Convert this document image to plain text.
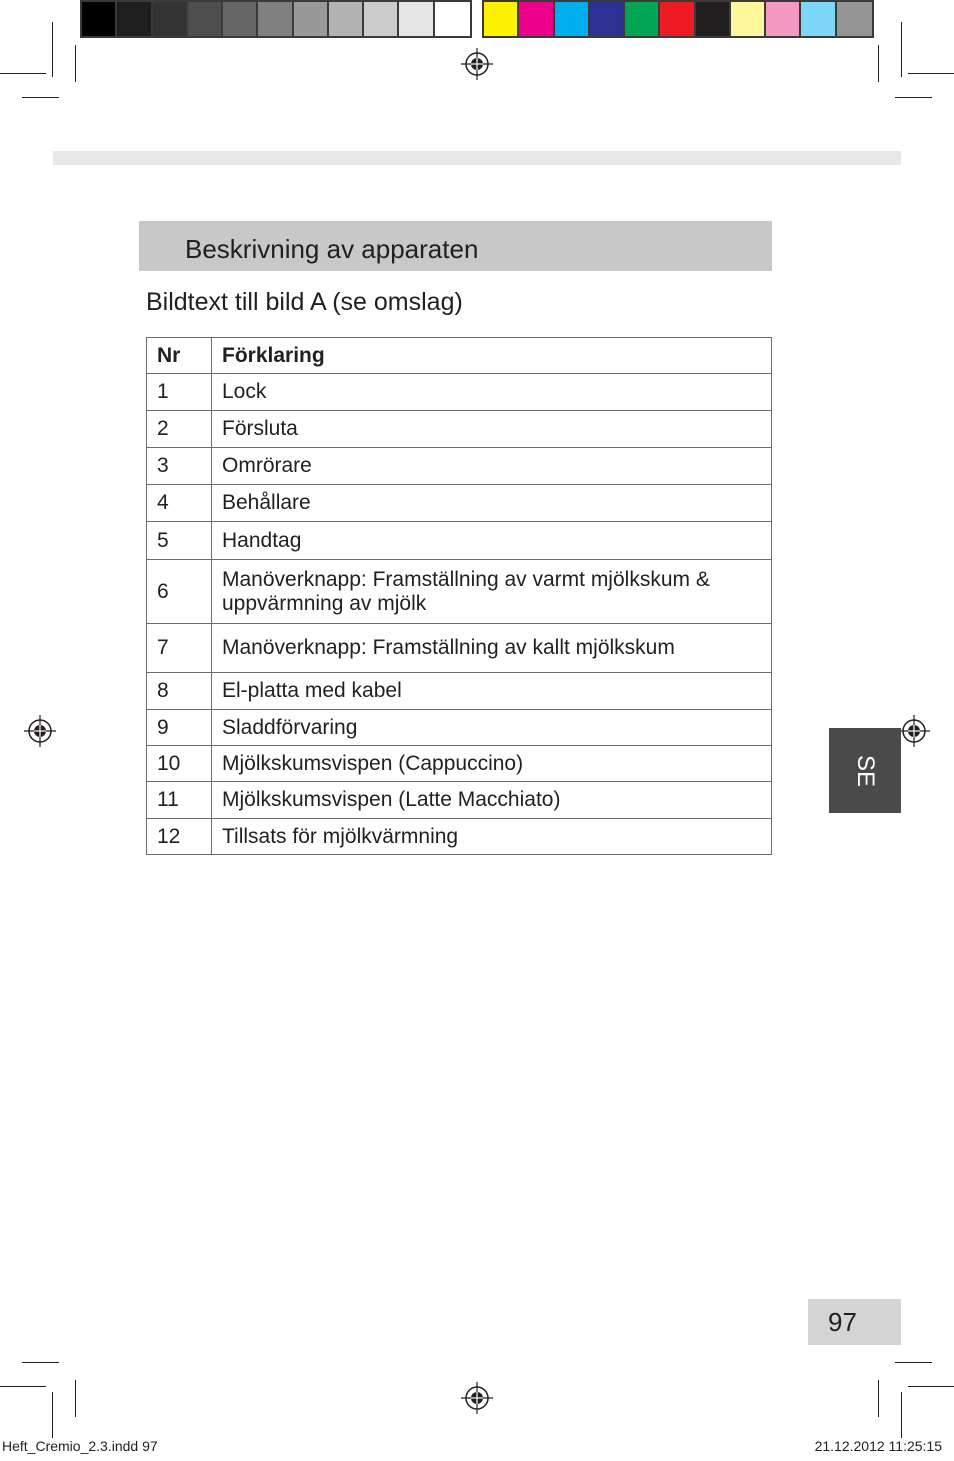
Beskrivning av apparaten
Bildtext till bild A (se omslag)
Nr	Förklaring
1	Lock
2	Försluta
3	Omrörare
4	Behållare
5	Handtag
6	Manöverknapp: Framställning av varmt mjölkskum & uppvärmning av mjölk
7	Manöverknapp: Framställning av kallt mjölkskum
8	El-platta med kabel
9	Sladdförvaring
10	Mjölkskumsvispen (Cappuccino)
11	Mjölkskumsvispen (Latte Macchiato)
12	Tillsats för mjölkvärmning
SE
97
Heft_Cremio_2.3.indd 97	21.12.2012 11:25:15
